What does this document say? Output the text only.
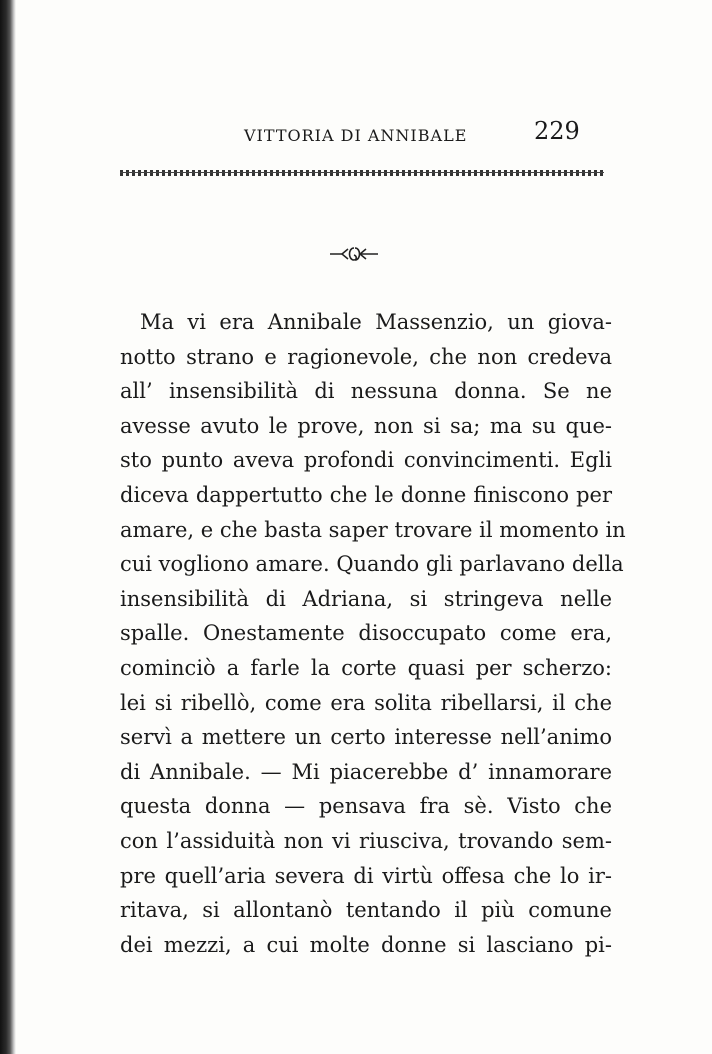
VITTORIA DI ANNIBALE	229
Ma vi era Annibale Massenzio, un giova-
notto strano e ragionevole, che non credeva
all’ insensibilità di nessuna donna. Se ne
avesse avuto le prove, non si sa; ma su que-
sto punto aveva profondi convincimenti. Egli
diceva dappertutto che le donne finiscono per
amare, e che basta saper trovare il momento in
cui vogliono amare. Quando gli parlavano della
insensibilità di Adriana, si stringeva nelle
spalle. Onestamente disoccupato come era,
cominciò a farle la corte quasi per scherzo:
lei si ribellò, come era solita ribellarsi, il che
servì a mettere un certo interesse nell’animo
di Annibale. — Mi piacerebbe d’ innamorare
questa donna — pensava fra sè. Visto che
con l’assiduità non vi riusciva, trovando sem-
pre quell’aria severa di virtù offesa che lo ir-
ritava, si allontanò tentando il più comune
dei mezzi, a cui molte donne si lasciano pi-
